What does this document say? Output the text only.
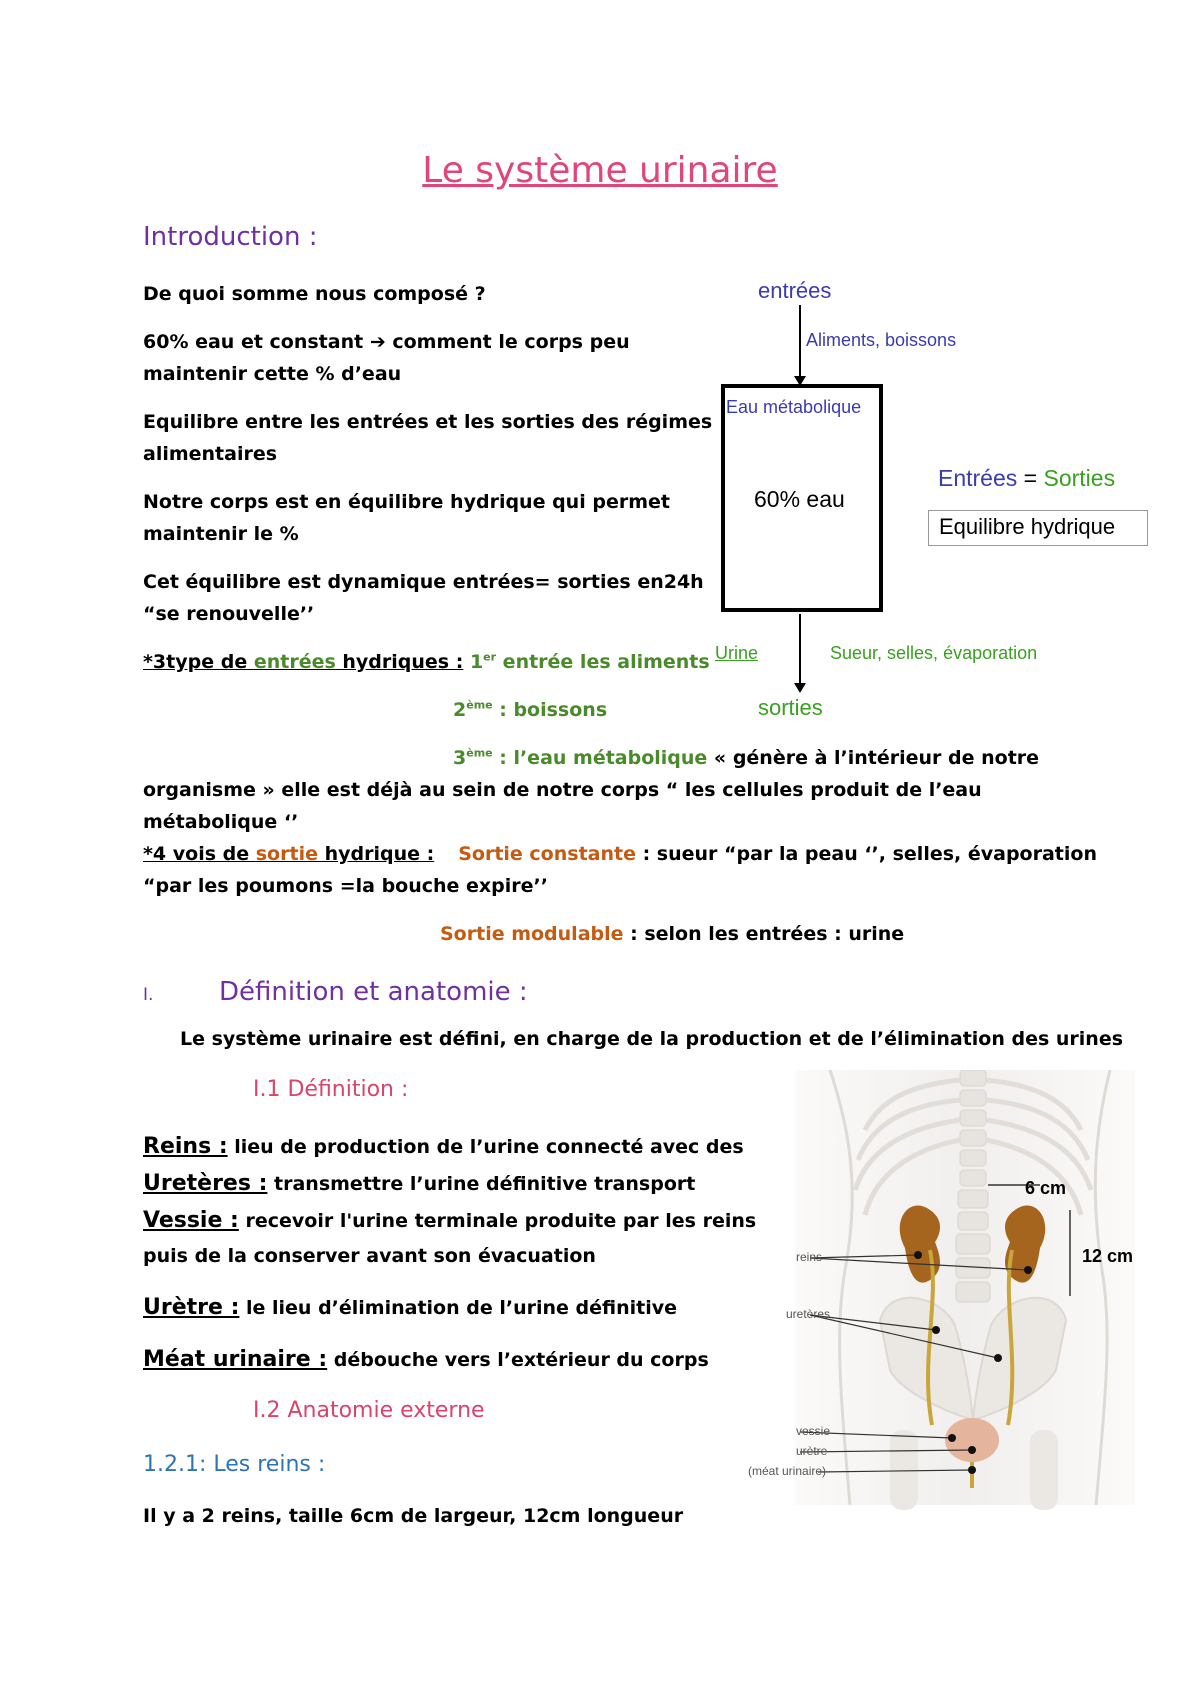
Le système urinaire
Introduction :
De quoi somme nous composé ?
60% eau et constant ➔ comment le corps peu
maintenir cette % d’eau
Equilibre entre les entrées et les sorties des régimes
alimentaires
Notre corps est en équilibre hydrique qui permet
maintenir le %
Cet équilibre est dynamique entrées= sorties en24h
“se renouvelle’’
*3type de entrées hydriques : 1er entrée les aliments
2ème : boissons
3ème : l’eau métabolique « génère à l’intérieur de notre
organisme » elle est déjà au sein de notre corps “ les cellules produit de l’eau
métabolique ‘’
*4 vois de sortie hydrique : Sortie constante : sueur “par la peau ‘’, selles, évaporation
“par les poumons =la bouche expire’’
Sortie modulable : selon les entrées : urine
entrées
Aliments, boissons
Eau métabolique
60% eau
Entrées = Sorties
Equilibre hydrique
Urine	Sueur, selles, évaporation
sorties
I.	Définition et anatomie :
Le système urinaire est défini, en charge de la production et de l’élimination des urines
I.1 Définition :
Reins : lieu de production de l’urine connecté avec des
Uretères : transmettre l’urine définitive transport
Vessie : recevoir l'urine terminale produite par les reins
puis de la conserver avant son évacuation
Urètre : le lieu d’élimination de l’urine définitive
Méat urinaire : débouche vers l’extérieur du corps
I.2 Anatomie externe
1.2.1: Les reins :
Il y a 2 reins, taille 6cm de largeur, 12cm longueur
6 cm
12 cm
reins
uretères
vessie
urètre
(méat urinaire)
